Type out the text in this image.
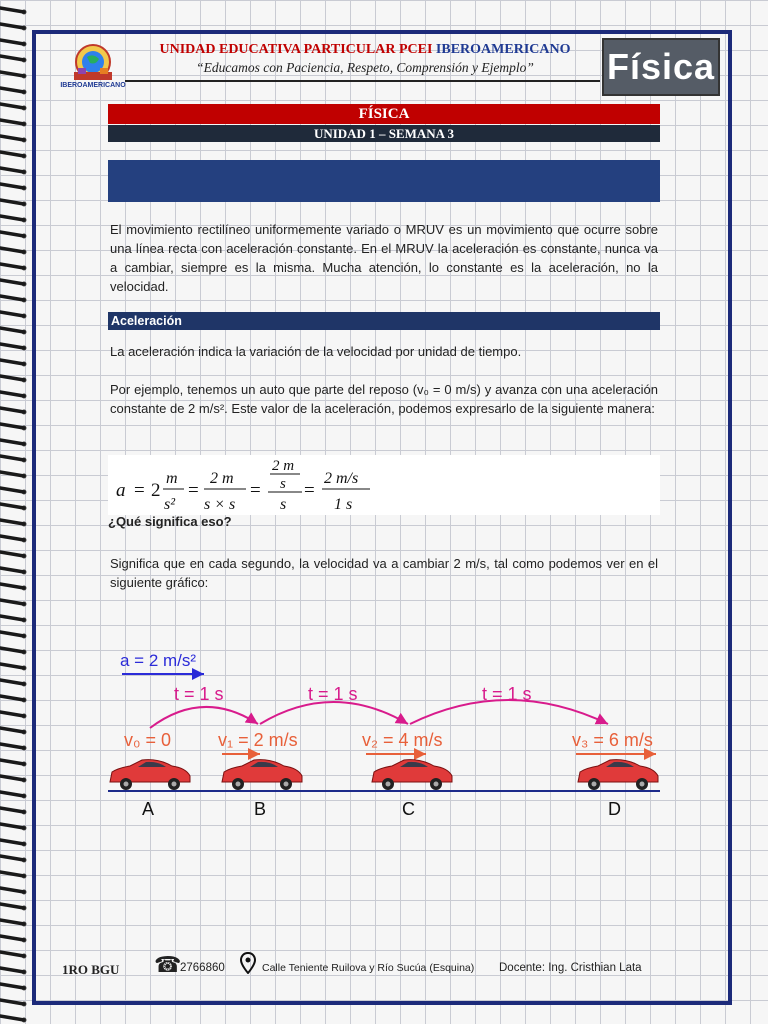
IBEROAMERICANO
UNIDAD EDUCATIVA PARTICULAR PCEI IBEROAMERICANO
“Educamos con Paciencia, Respeto, Comprensión y Ejemplo”	Física
FÍSICA
UNIDAD 1 – SEMANA 3
El movimiento rectilíneo uniformemente variado o MRUV es un movimiento que ocurre sobre una línea recta con aceleración constante. En el MRUV la aceleración es constante, nunca va a cambiar, siempre es la misma. Mucha atención, lo constante es la aceleración, no la velocidad.
Aceleración
La aceleración indica la variación de la velocidad por unidad de tiempo.
Por ejemplo, tenemos un auto que parte del reposo (v₀ = 0 m/s) y avanza con una aceleración constante de 2 m/s². Este valor de la aceleración, podemos expresarlo de la siguiente manera:
a = 2
m
s²
=
2 m
s × s
=
2 m
s
s
=
2 m/s
1 s
¿Qué significa eso?
Significa que en cada segundo, la velocidad va a cambiar 2 m/s, tal como podemos ver en el siguiente gráfico:
a = 2 m/s²
t = 1 s	t = 1 s	t = 1 s
v₀ = 0	v₁ = 2 m/s	v₂ = 4 m/s	v₃ = 6 m/s
A	B	C	D
1RO BGU ☎
2766860	Calle Teniente Ruilova y Río Sucúa (Esquina) Docente: Ing. Cristhian Lata
